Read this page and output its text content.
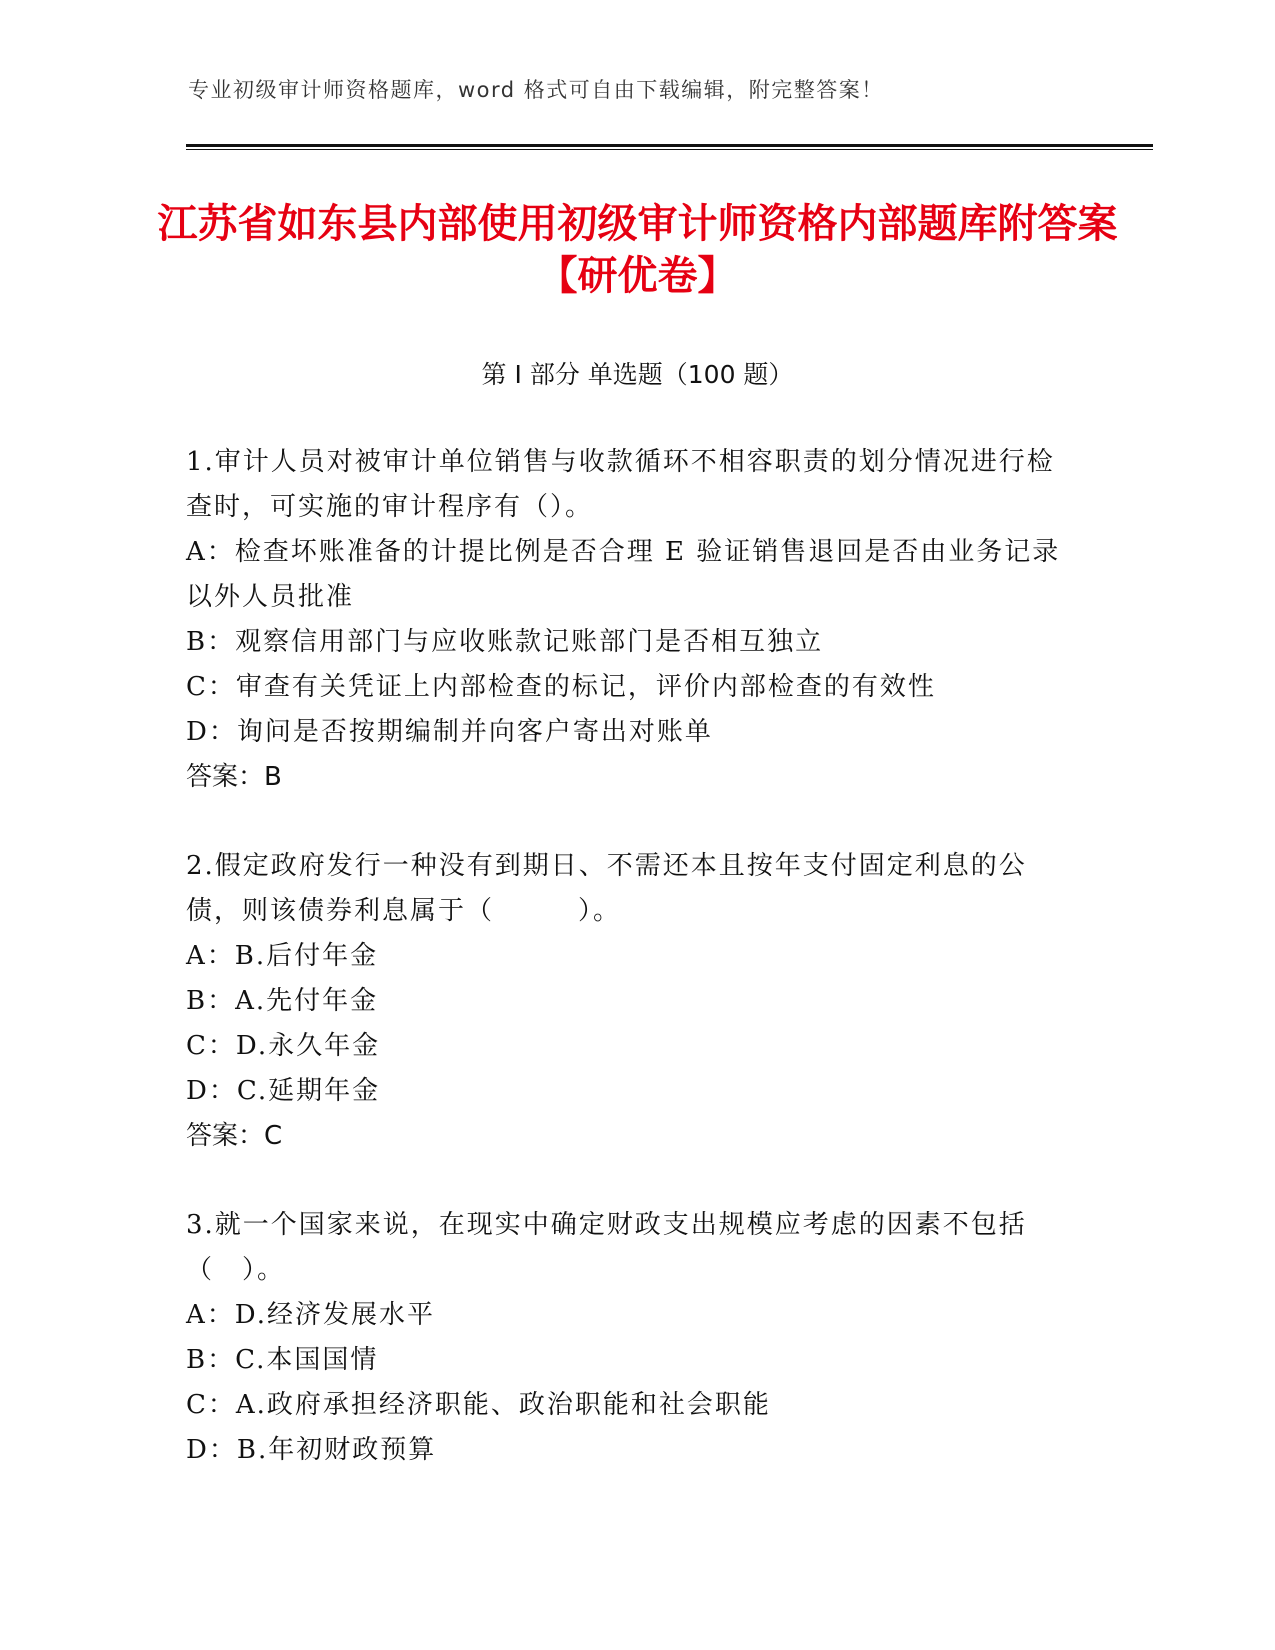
专业初级审计师资格题库，word 格式可自由下载编辑，附完整答案！
江苏省如东县内部使用初级审计师资格内部题库附答案【研优卷】
第 I 部分 单选题（100 题）
1.审计人员对被审计单位销售与收款循环不相容职责的划分情况进行检查时，可实施的审计程序有（）。
A：检查坏账准备的计提比例是否合理 E 验证销售退回是否由业务记录以外人员批准
B：观察信用部门与应收账款记账部门是否相互独立
C：审查有关凭证上内部检查的标记，评价内部检查的有效性
D：询问是否按期编制并向客户寄出对账单
答案：B
2.假定政府发行一种没有到期日、不需还本且按年支付固定利息的公债，则该债券利息属于（　　　）。
A：B.后付年金
B：A.先付年金
C：D.永久年金
D：C.延期年金
答案：C
3.就一个国家来说，在现实中确定财政支出规模应考虑的因素不包括（　）。
A：D.经济发展水平
B：C.本国国情
C：A.政府承担经济职能、政治职能和社会职能
D：B.年初财政预算
